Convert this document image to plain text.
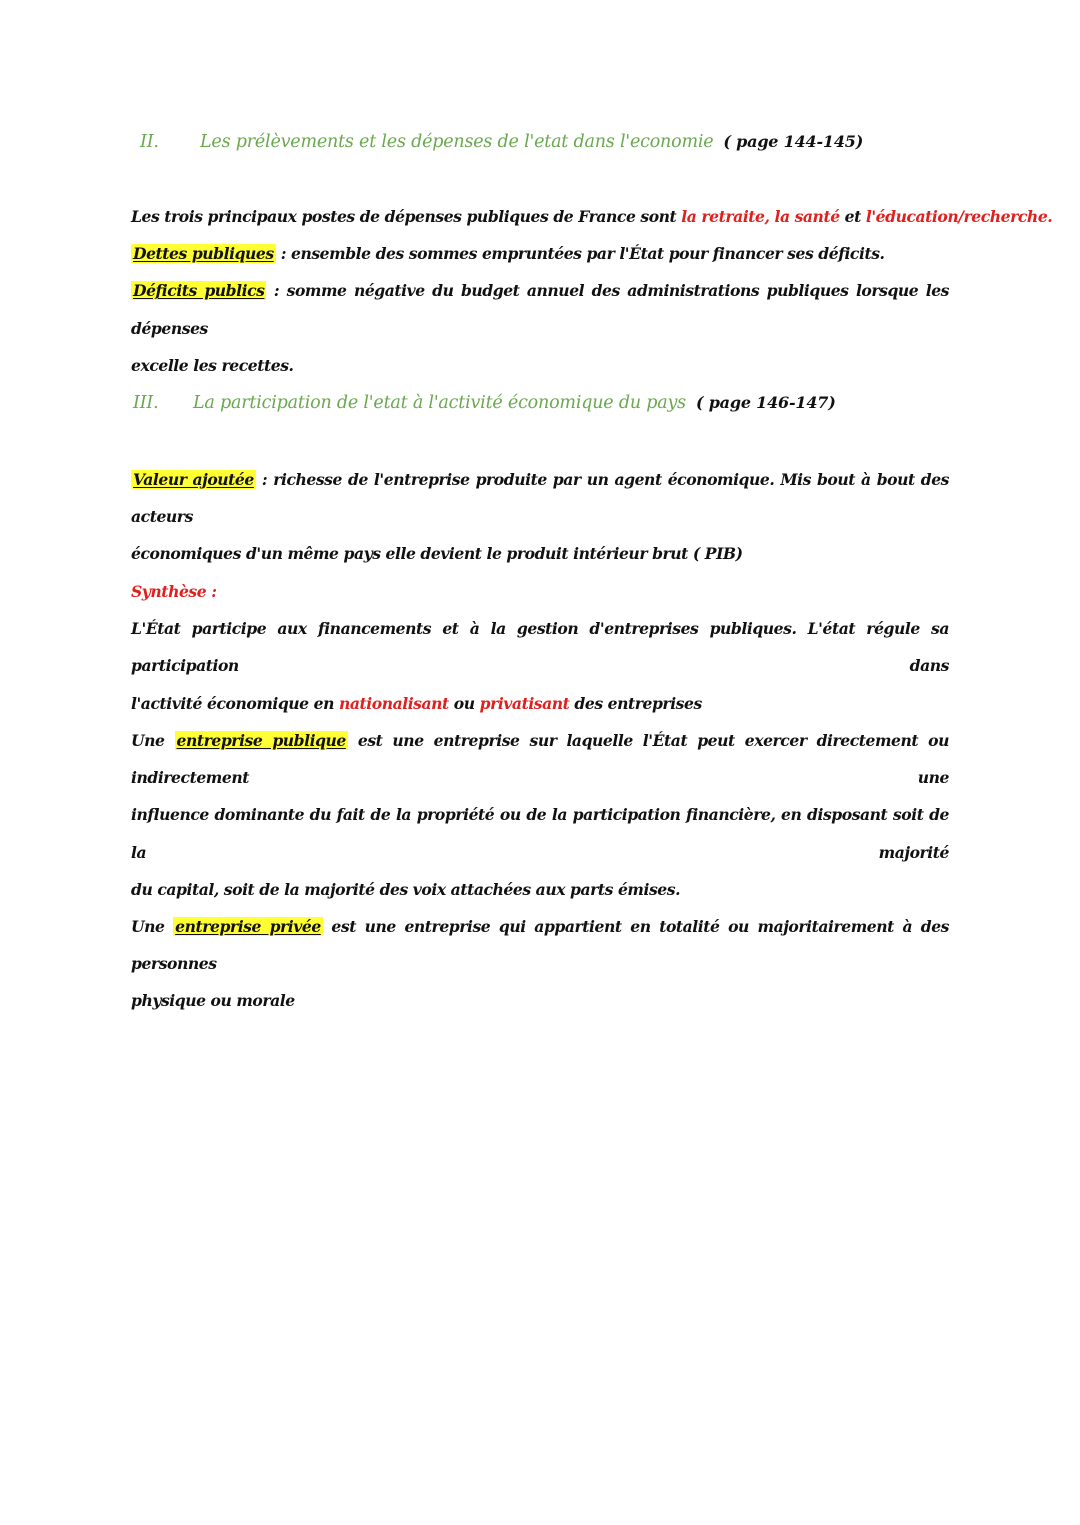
II. Les prélèvements et les dépenses de l'etat dans l'economie ( page 144-145)
Les trois principaux postes de dépenses publiques de France sont la retraite, la santé et l'éducation/recherche.
Dettes publiques : ensemble des sommes empruntées par l'État pour financer ses déficits.
Déficits publics : somme négative du budget annuel des administrations publiques lorsque les dépenses
excelle les recettes.
III. La participation de l'etat à l'activité économique du pays ( page 146-147)
Valeur ajoutée : richesse de l'entreprise produite par un agent économique. Mis bout à bout des acteurs
économiques d'un même pays elle devient le produit intérieur brut ( PIB)
Synthèse :
L'État participe aux financements et à la gestion d'entreprises publiques. L'état régule sa participation dans
l'activité économique en nationalisant ou privatisant des entreprises
Une entreprise publique est une entreprise sur laquelle l'État peut exercer directement ou indirectement une
influence dominante du fait de la propriété ou de la participation financière, en disposant soit de la majorité
du capital, soit de la majorité des voix attachées aux parts émises.
Une entreprise privée est une entreprise qui appartient en totalité ou majoritairement à des personnes
physique ou morale
